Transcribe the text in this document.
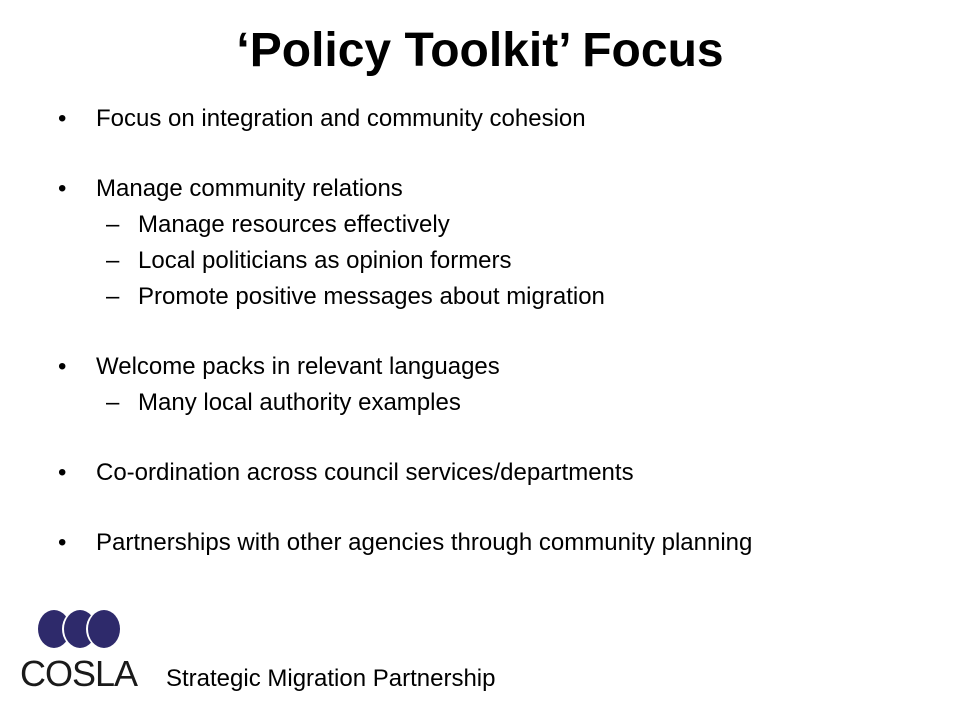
‘Policy Toolkit’ Focus
• Focus on integration and community cohesion
• Manage community relations
– Manage resources effectively
– Local politicians as opinion formers
– Promote positive messages about migration
• Welcome packs in relevant languages
– Many local authority examples
• Co-ordination across council services/departments
• Partnerships with other agencies through community planning
COSLA Strategic Migration Partnership
